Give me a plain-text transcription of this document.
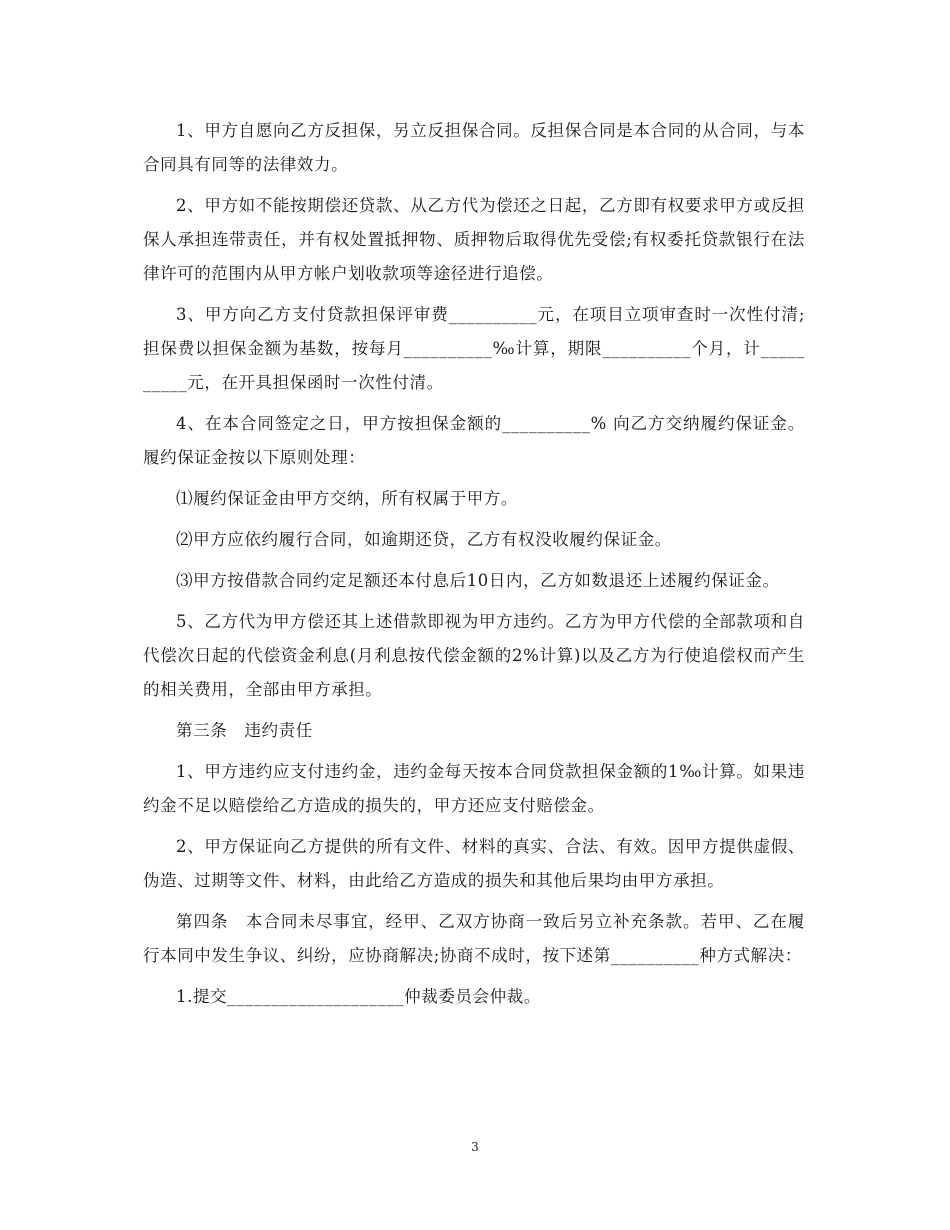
1、甲方自愿向乙方反担保，另立反担保合同。反担保合同是本合同的从合同，与本合同具有同等的法律效力。

2、甲方如不能按期偿还贷款、从乙方代为偿还之日起，乙方即有权要求甲方或反担保人承担连带责任，并有权处置抵押物、质押物后取得优先受偿;有权委托贷款银行在法律许可的范围内从甲方帐户划收款项等途径进行追偿。

3、甲方向乙方支付贷款担保评审费__________元，在项目立项审查时一次性付清;担保费以担保金额为基数，按每月__________‰计算，期限__________个月，计__________元，在开具担保函时一次性付清。

4、在本合同签定之日，甲方按担保金额的__________% 向乙方交纳履约保证金。履约保证金按以下原则处理：

⑴履约保证金由甲方交纳，所有权属于甲方。

⑵甲方应依约履行合同，如逾期还贷，乙方有权没收履约保证金。

⑶甲方按借款合同约定足额还本付息后10日内，乙方如数退还上述履约保证金。

5、乙方代为甲方偿还其上述借款即视为甲方违约。乙方为甲方代偿的全部款项和自代偿次日起的代偿资金利息(月利息按代偿金额的2%计算)以及乙方为行使追偿权而产生的相关费用，全部由甲方承担。

第三条　违约责任

1、甲方违约应支付违约金，违约金每天按本合同贷款担保金额的1‰计算。如果违约金不足以赔偿给乙方造成的损失的，甲方还应支付赔偿金。

2、甲方保证向乙方提供的所有文件、材料的真实、合法、有效。因甲方提供虚假、伪造、过期等文件、材料，由此给乙方造成的损失和其他后果均由甲方承担。

第四条　本合同未尽事宜，经甲、乙双方协商一致后另立补充条款。若甲、乙在履行本同中发生争议、纠纷，应协商解决;协商不成时，按下述第__________种方式解决：

1.提交____________________仲裁委员会仲裁。

3
